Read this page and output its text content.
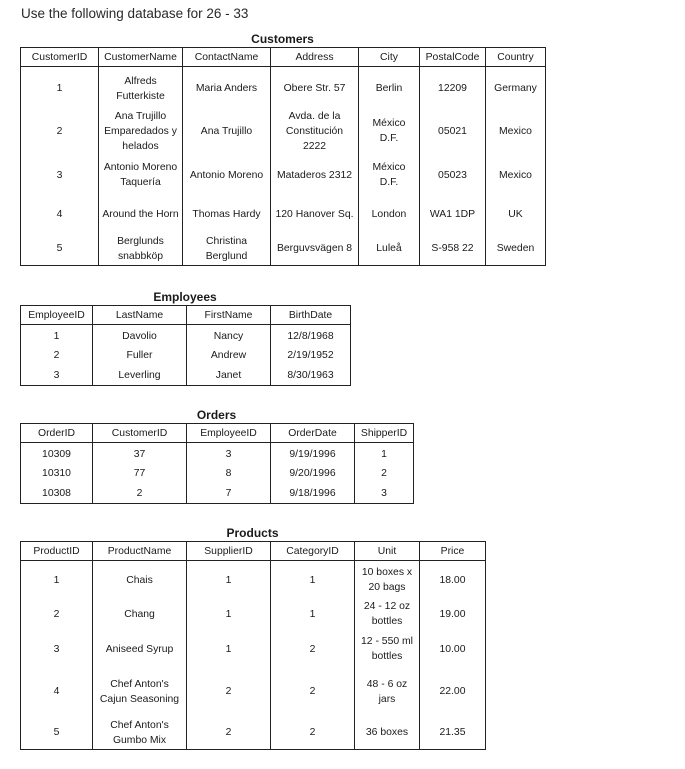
Use the following database for 26 - 33
Customers
CustomerID	CustomerName	ContactName	Address	City	PostalCode	Country
1	Alfreds Futterkiste	Maria Anders	Obere Str. 57	Berlin	12209	Germany
2	Ana Trujillo Emparedados y helados	Ana Trujillo	Avda. de la Constitución 2222	México D.F.	05021	Mexico
3	Antonio Moreno Taquería	Antonio Moreno	Mataderos 2312	México D.F.	05023	Mexico
4	Around the Horn	Thomas Hardy	120 Hanover Sq.	London	WA1 1DP	UK
5	Berglunds snabbköp	Christina Berglund	Berguvsvägen 8	Luleå	S-958 22	Sweden
Employees
EmployeeID	LastName	FirstName	BirthDate
1	Davolio	Nancy	12/8/1968
2	Fuller	Andrew	2/19/1952
3	Leverling	Janet	8/30/1963
Orders
OrderID	CustomerID	EmployeeID	OrderDate	ShipperID
10309	37	3	9/19/1996	1
10310	77	8	9/20/1996	2
10308	2	7	9/18/1996	3
Products
ProductID	ProductName	SupplierID	CategoryID	Unit	Price
1	Chais	1	1	10 boxes x 20 bags	18.00
2	Chang	1	1	24 - 12 oz bottles	19.00
3	Aniseed Syrup	1	2	12 - 550 ml bottles	10.00
4	Chef Anton's Cajun Seasoning	2	2	48 - 6 oz jars	22.00
5	Chef Anton's Gumbo Mix	2	2	36 boxes	21.35
